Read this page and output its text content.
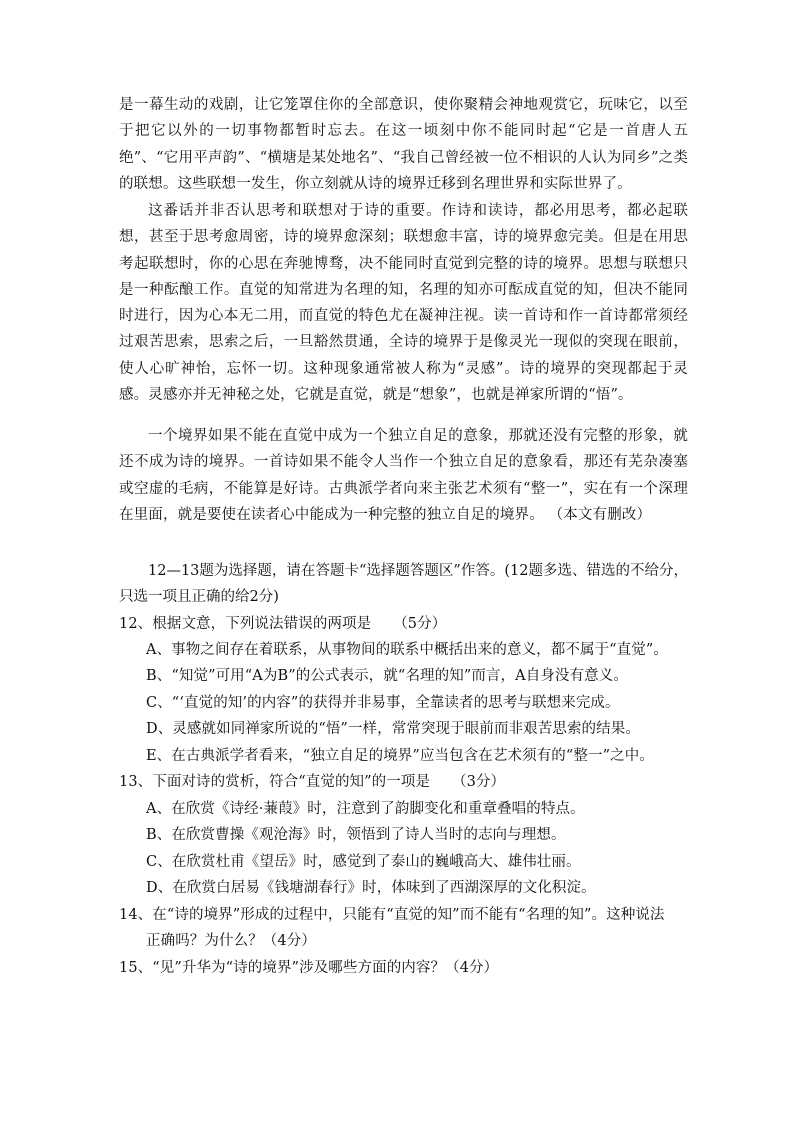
是一幕生动的戏剧，让它笼罩住你的全部意识，使你聚精会神地观赏它，玩味它，以至于把它以外的一切事物都暂时忘去。在这一顷刻中你不能同时起“它是一首唐人五绝”、“它用平声韵”、“横塘是某处地名”、“我自己曾经被一位不相识的人认为同乡”之类的联想。这些联想一发生，你立刻就从诗的境界迁移到名理世界和实际世界了。

这番话并非否认思考和联想对于诗的重要。作诗和读诗，都必用思考，都必起联想，甚至于思考愈周密，诗的境界愈深刻；联想愈丰富，诗的境界愈完美。但是在用思考起联想时，你的心思在奔驰博骛，决不能同时直觉到完整的诗的境界。思想与联想只是一种酝酿工作。直觉的知常进为名理的知，名理的知亦可酝成直觉的知，但决不能同时进行，因为心本无二用，而直觉的特色尤在凝神注视。读一首诗和作一首诗都常须经过艰苦思索，思索之后，一旦豁然贯通，全诗的境界于是像灵光一现似的突现在眼前，使人心旷神怡，忘怀一切。这种现象通常被人称为“灵感”。诗的境界的突现都起于灵感。灵感亦并无神秘之处，它就是直觉，就是“想象”，也就是禅家所谓的“悟”。

一个境界如果不能在直觉中成为一个独立自足的意象，那就还没有完整的形象，就还不成为诗的境界。一首诗如果不能令人当作一个独立自足的意象看，那还有芜杂凑塞或空虚的毛病，不能算是好诗。古典派学者向来主张艺术须有“整一”，实在有一个深理在里面，就是要使在读者心中能成为一种完整的独立自足的境界。 （本文有删改）

12—13题为选择题，请在答题卡“选择题答题区”作答。(12题多选、错选的不给分，只选一项且正确的给2分)

12、根据文意，下列说法错误的两项是　　（5分）

A、事物之间存在着联系，从事物间的联系中概括出来的意义，都不属于“直觉”。

B、“知觉”可用“A为B”的公式表示，就“名理的知”而言，A自身没有意义。

C、“‘直觉的知’的内容”的获得并非易事，全靠读者的思考与联想来完成。

D、灵感就如同禅家所说的“悟”一样，常常突现于眼前而非艰苦思索的结果。

E、在古典派学者看来，“独立自足的境界”应当包含在艺术须有的“整一”之中。

13、下面对诗的赏析，符合“直觉的知”的一项是　　（3分）

A、在欣赏《诗经·蒹葭》时，注意到了韵脚变化和重章叠唱的特点。

B、在欣赏曹操《观沧海》时，领悟到了诗人当时的志向与理想。

C、在欣赏杜甫《望岳》时，感觉到了泰山的巍峨高大、雄伟壮丽。

D、在欣赏白居易《钱塘湖春行》时，体味到了西湖深厚的文化积淀。

14、在“诗的境界”形成的过程中，只能有“直觉的知”而不能有“名理的知”。这种说法

正确吗？为什么？（4分）

15、“见”升华为“诗的境界”涉及哪些方面的内容？（4分）
